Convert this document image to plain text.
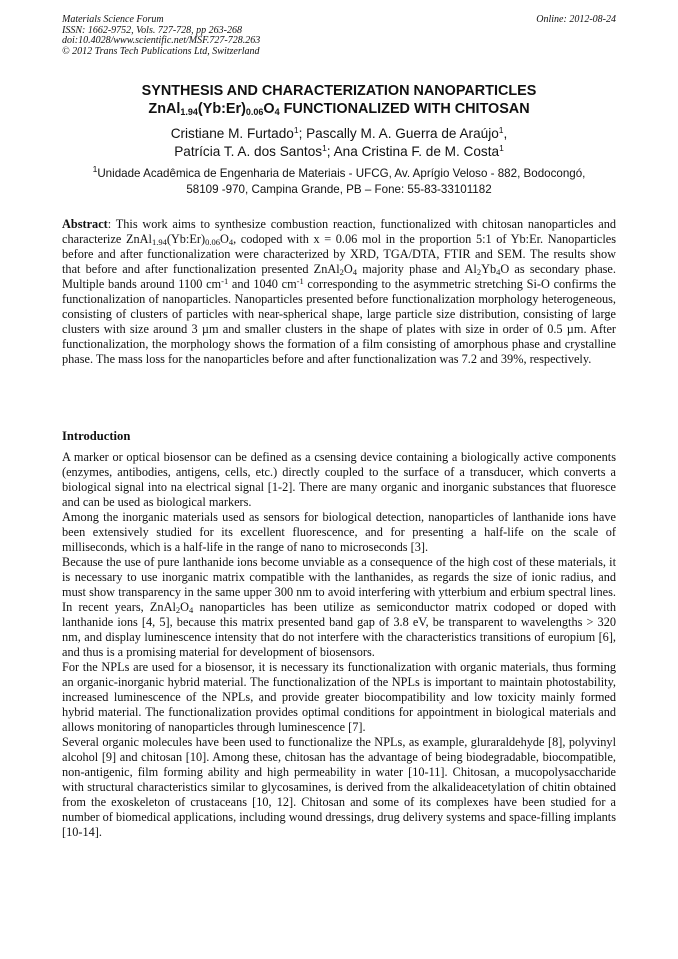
Materials Science Forum
ISSN: 1662-9752, Vols. 727-728, pp 263-268
doi:10.4028/www.scientific.net/MSF.727-728.263
© 2012 Trans Tech Publications Ltd, Switzerland
Online: 2012-08-24
SYNTHESIS AND CHARACTERIZATION NANOPARTICLES
$ZnAl_{1.94}(Yb:Er)_{0.06}O_4$ FUNCTIONALIZED WITH CHITOSAN
Cristiane M. Furtado$^1$; Pascally M. A. Guerra de Araújo$^1$,
Patrícia T. A. dos Santos$^1$; Ana Cristina F. de M. Costa$^1$
$^1$Unidade Acadêmica de Engenharia de Materiais - UFCG, Av. Aprígio Veloso - 882, Bodocongó,
58109 -970, Campina Grande, PB – Fone: 55-83-33101182

Abstract: This work aims to synthesize combustion reaction, functionalized with chitosan nanoparticles and characterize $ZnAl_{1.94}(Yb:Er)_{0.06}O_4$, codoped with x = 0.06 mol in the proportion 5:1 of Yb:Er. Nanoparticles before and after functionalization were characterized by XRD, TGA/DTA, FTIR and SEM. The results show that before and after functionalization presented $ZnAl_2O_4$ majority phase and $Al_2Yb_4O$ as secondary phase. Multiple bands around 1100 $cm^{-1}$ and 1040 $cm^{-1}$ corresponding to the asymmetric stretching Si-O confirms the functionalization of nanoparticles. Nanoparticles presented before functionalization morphology heterogeneous, consisting of clusters of particles with near-spherical shape, large particle size distribution, consisting of large clusters with size around 3 µm and smaller clusters in the shape of plates with size in order of 0.5 µm. After functionalization, the morphology shows the formation of a film consisting of amorphous phase and crystalline phase. The mass loss for the nanoparticles before and after functionalization was 7.2 and 39%, respectively.

Introduction

A marker or optical biosensor can be defined as a csensing device containing a biologically active components (enzymes, antibodies, antigens, cells, etc.) directly coupled to the surface of a transducer, which converts a biological signal into na electrical signal [1-2]. There are many organic and inorganic substances that fluoresce and can be used as biological markers.

Among the inorganic materials used as sensors for biological detection, nanoparticles of lanthanide ions have been extensively studied for its excellent fluorescence, and for presenting a half-life on the scale of milliseconds, which is a half-life in the range of nano to microseconds [3].

Because the use of pure lanthanide ions become unviable as a consequence of the high cost of these materials, it is necessary to use inorganic matrix compatible with the lanthanides, as regards the size of ionic radius, and must show transparency in the same upper 300 nm to avoid interfering with ytterbium and erbium spectral lines. In recent years, $ZnAl_2O_4$ nanoparticles has been utilize as semiconductor matrix codoped or doped with lanthanide ions [4, 5], because this matrix presented band gap of 3.8 eV, be transparent to wavelengths > 320 nm, and display luminescence intensity that do not interfere with the characteristics transitions of europium [6], and thus is a promising material for development of biosensors.

For the NPLs are used for a biosensor, it is necessary its functionalization with organic materials, thus forming an organic-inorganic hybrid material. The functionalization of the NPLs is important to maintain photostability, increased luminescence of the NPLs, and provide greater biocompatibility and low toxicity mainly formed hybrid material. The functionalization provides optimal conditions for appointment in biological materials and allows monitoring of nanoparticles through luminescence [7].

Several organic molecules have been used to functionalize the NPLs, as example, gluraraldehyde [8], polyvinyl alcohol [9] and chitosan [10]. Among these, chitosan has the advantage of being biodegradable, biocompatible, non-antigenic, film forming ability and high permeability in water [10-11]. Chitosan, a mucopolysaccharide with structural characteristics similar to glycosamines, is derived from the alkalideacetylation of chitin obtained from the exoskeleton of crustaceans [10, 12]. Chitosan and some of its complexes have been studied for a number of biomedical applications, including wound dressings, drug delivery systems and space-filling implants [10-14].
